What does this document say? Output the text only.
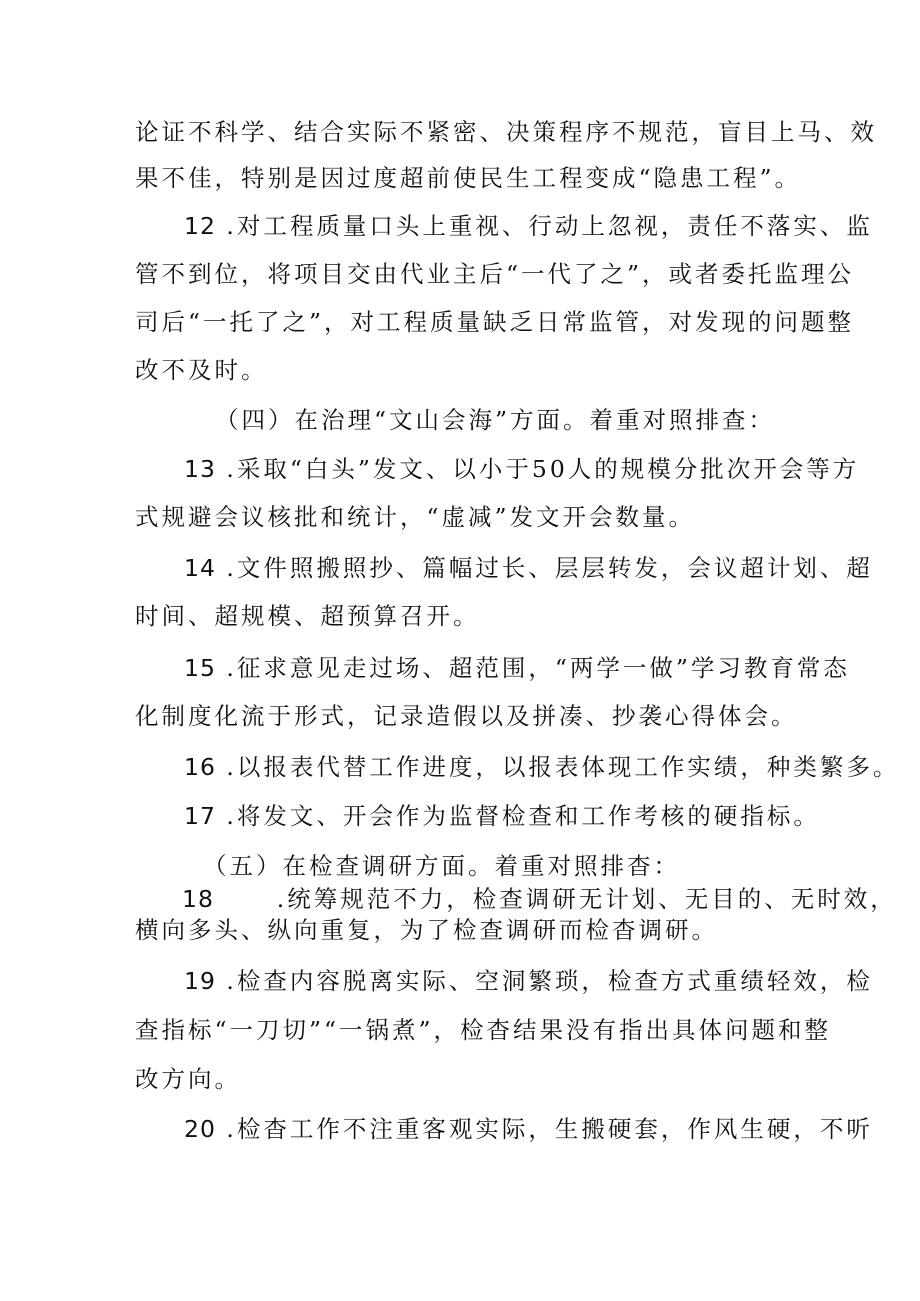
论证不科学、结合实际不紧密、决策程序不规范，盲目上马、效
果不佳，特别是因过度超前使民生工程变成“隐患工程”。
12 .对工程质量口头上重视、行动上忽视，责任不落实、监
管不到位，将项目交由代业主后“一代了之”，或者委托监理公
司后“一托了之”，对工程质量缺乏日常监管，对发现的问题整
改不及时。
（四）在治理“文山会海”方面。着重对照排查：
13 .采取“白头”发文、以小于50人的规模分批次开会等方
式规避会议核批和统计，“虚减”发文开会数量。
14 .文件照搬照抄、篇幅过长、层层转发，会议超计划、超
时间、超规模、超预算召开。
15 .征求意见走过场、超范围，“两学一做”学习教育常态
化制度化流于形式，记录造假以及拼凑、抄袭心得体会。
16 .以报表代替工作进度，以报表体现工作实绩，种类繁多。
17 .将发文、开会作为监督检查和工作考核的硬指标。
（五）在检查调研方面。着重对照排杳：
18      .统筹规范不力，检查调研无计划、无目的、无时效，
横向多头、纵向重复，为了检查调研而检杳调研。
19 .检查内容脱离实际、空洞繁琐，检查方式重绩轻效，检
查指标“一刀切”“一锅煮”，检杳结果没有指出具体问题和整
改方向。
20 .检杳工作不注重客观实际，生搬硬套，作风生硬，不听
